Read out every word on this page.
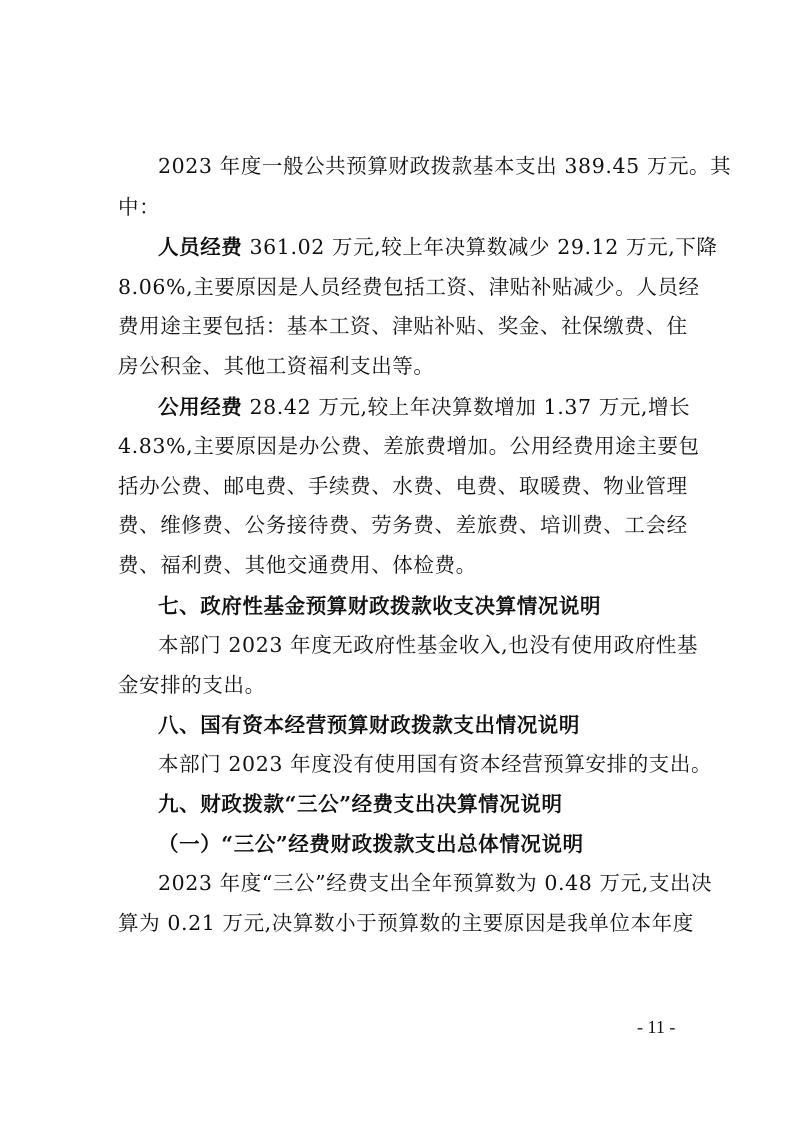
2023 年度一般公共预算财政拨款基本支出 389.45 万元。其
中：
人员经费 361.02 万元,较上年决算数减少 29.12 万元,下降
8.06%,主要原因是人员经费包括工资、津贴补贴减少。人员经
费用途主要包括：基本工资、津贴补贴、奖金、社保缴费、住
房公积金、其他工资福利支出等。
公用经费 28.42 万元,较上年决算数增加 1.37 万元,增长
4.83%,主要原因是办公费、差旅费增加。公用经费用途主要包
括办公费、邮电费、手续费、水费、电费、取暖费、物业管理
费、维修费、公务接待费、劳务费、差旅费、培训费、工会经
费、福利费、其他交通费用、体检费。
七、政府性基金预算财政拨款收支决算情况说明
本部门 2023 年度无政府性基金收入,也没有使用政府性基
金安排的支出。
八、国有资本经营预算财政拨款支出情况说明
本部门 2023 年度没有使用国有资本经营预算安排的支出。
九、财政拨款“三公”经费支出决算情况说明
（一）“三公”经费财政拨款支出总体情况说明
2023 年度“三公”经费支出全年预算数为 0.48 万元,支出决
算为 0.21 万元,决算数小于预算数的主要原因是我单位本年度
- 11 -
